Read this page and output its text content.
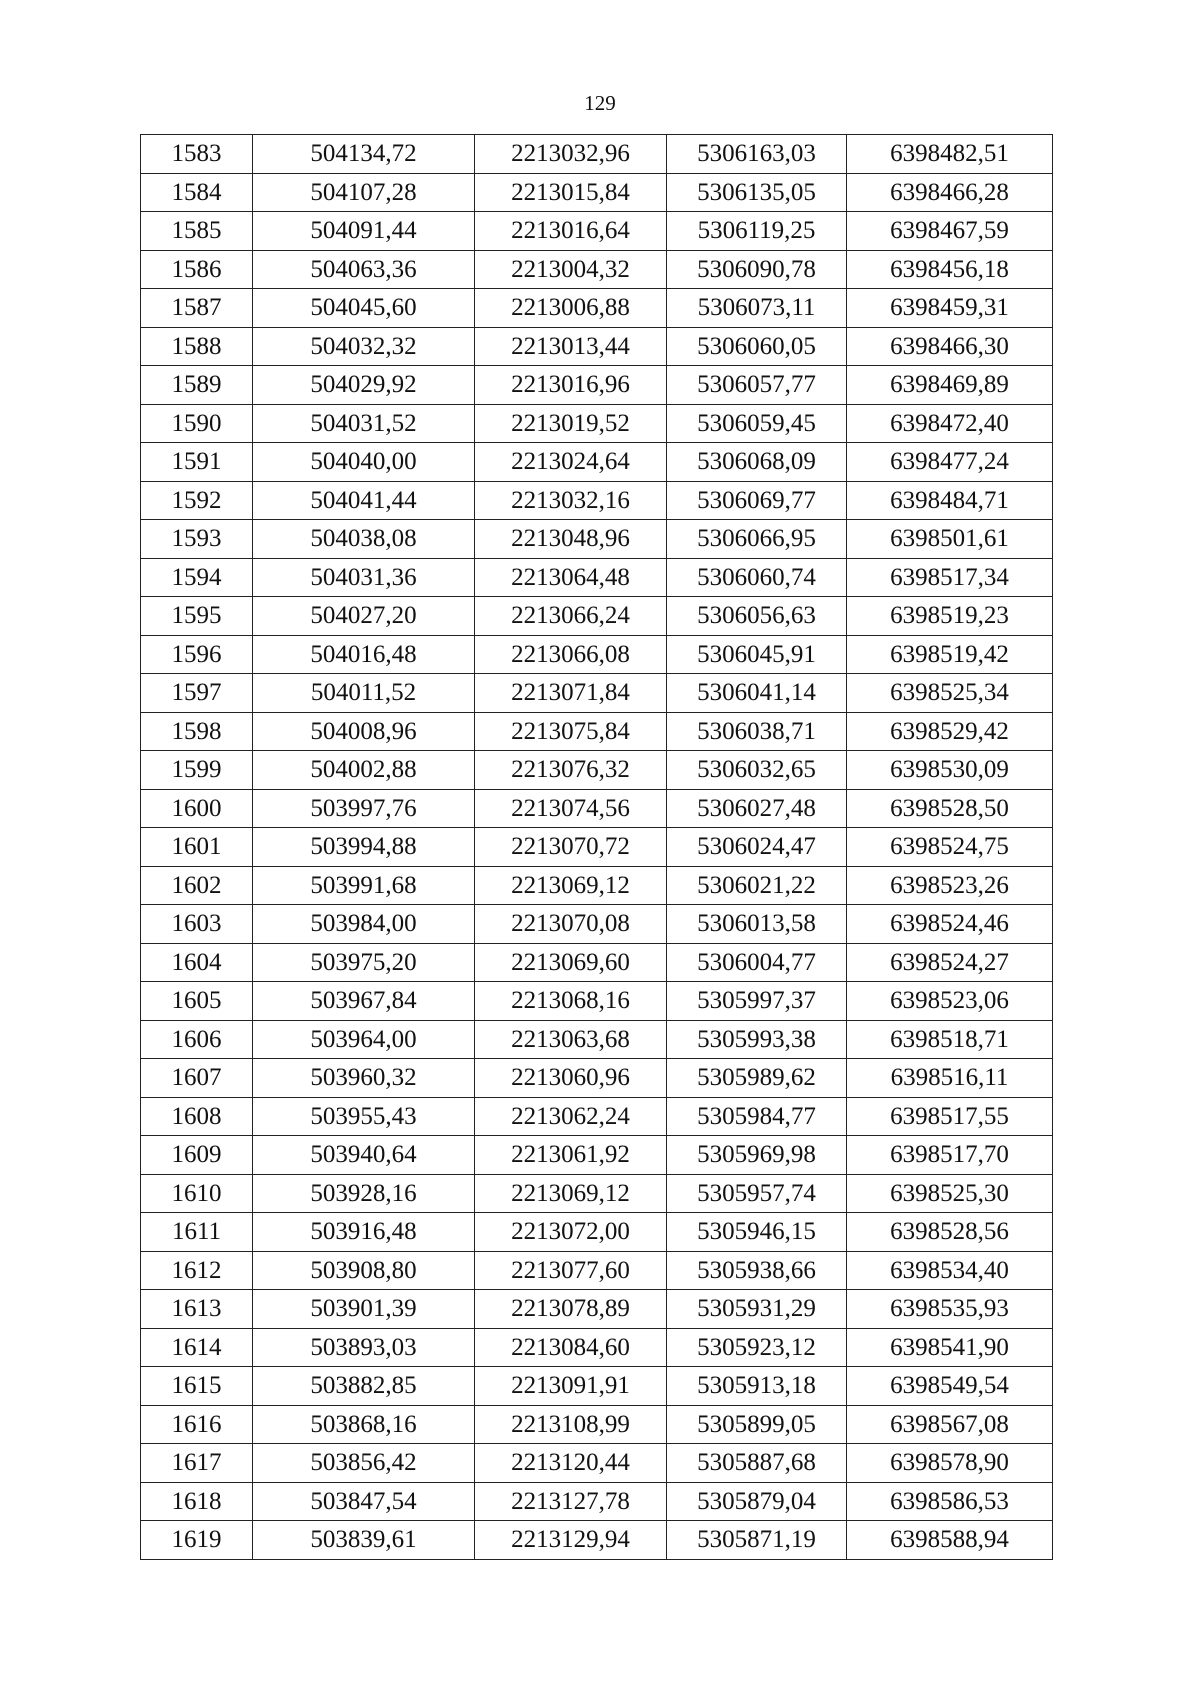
129
1583	504134,72	2213032,96	5306163,03	6398482,51
1584	504107,28	2213015,84	5306135,05	6398466,28
1585	504091,44	2213016,64	5306119,25	6398467,59
1586	504063,36	2213004,32	5306090,78	6398456,18
1587	504045,60	2213006,88	5306073,11	6398459,31
1588	504032,32	2213013,44	5306060,05	6398466,30
1589	504029,92	2213016,96	5306057,77	6398469,89
1590	504031,52	2213019,52	5306059,45	6398472,40
1591	504040,00	2213024,64	5306068,09	6398477,24
1592	504041,44	2213032,16	5306069,77	6398484,71
1593	504038,08	2213048,96	5306066,95	6398501,61
1594	504031,36	2213064,48	5306060,74	6398517,34
1595	504027,20	2213066,24	5306056,63	6398519,23
1596	504016,48	2213066,08	5306045,91	6398519,42
1597	504011,52	2213071,84	5306041,14	6398525,34
1598	504008,96	2213075,84	5306038,71	6398529,42
1599	504002,88	2213076,32	5306032,65	6398530,09
1600	503997,76	2213074,56	5306027,48	6398528,50
1601	503994,88	2213070,72	5306024,47	6398524,75
1602	503991,68	2213069,12	5306021,22	6398523,26
1603	503984,00	2213070,08	5306013,58	6398524,46
1604	503975,20	2213069,60	5306004,77	6398524,27
1605	503967,84	2213068,16	5305997,37	6398523,06
1606	503964,00	2213063,68	5305993,38	6398518,71
1607	503960,32	2213060,96	5305989,62	6398516,11
1608	503955,43	2213062,24	5305984,77	6398517,55
1609	503940,64	2213061,92	5305969,98	6398517,70
1610	503928,16	2213069,12	5305957,74	6398525,30
1611	503916,48	2213072,00	5305946,15	6398528,56
1612	503908,80	2213077,60	5305938,66	6398534,40
1613	503901,39	2213078,89	5305931,29	6398535,93
1614	503893,03	2213084,60	5305923,12	6398541,90
1615	503882,85	2213091,91	5305913,18	6398549,54
1616	503868,16	2213108,99	5305899,05	6398567,08
1617	503856,42	2213120,44	5305887,68	6398578,90
1618	503847,54	2213127,78	5305879,04	6398586,53
1619	503839,61	2213129,94	5305871,19	6398588,94
